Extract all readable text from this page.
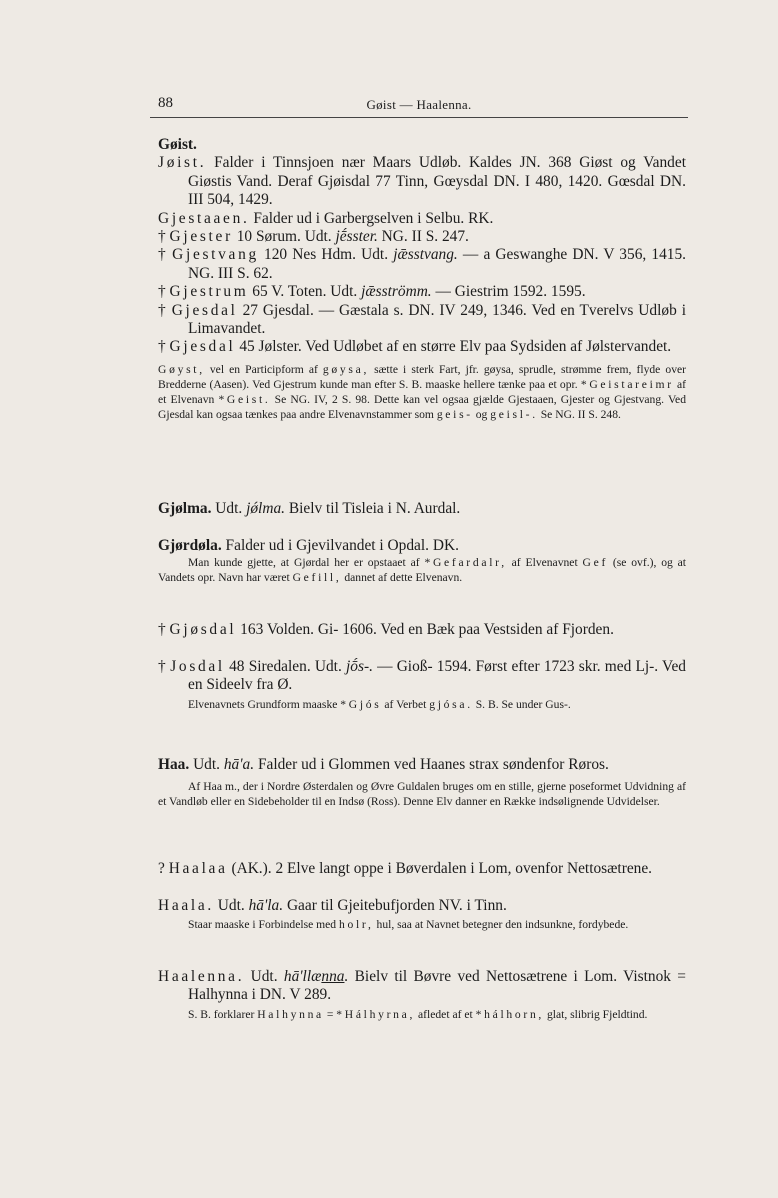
88	Gøist — Haalenna.

Gøist.

Jøist. Falder i Tinnsjoen nær Maars Udløb. Kaldes JN. 368 Giøst og Vandet Giøstis Vand. Deraf Gjøisdal 77 Tinn, Gœysdal DN. I 480, 1420. Gœsdal DN. III 504, 1429.

Gjestaaen. Falder ud i Garbergselven i Selbu. RK.

† Gjester 10 Sørum. Udt. jḗsster. NG. II S. 247.

† Gjestvang 120 Nes Hdm. Udt. jǣsstvang. — a Geswanghe DN. V 356, 1415. NG. III S. 62.

† Gjestrum 65 V. Toten. Udt. jǣsströmm. — Giestrim 1592. 1595.

† Gjesdal 27 Gjesdal. — Gæstala s. DN. IV 249, 1346. Ved en Tverelvs Udløb i Limavandet.

† Gjesdal 45 Jølster. Ved Udløbet af en større Elv paa Sydsiden af Jølstervandet.

Gøyst, vel en Participform af gøysa, sætte i sterk Fart, jfr. gøysa, sprudle, strømme frem, flyde over Bredderne (Aasen). Ved Gjestrum kunde man efter S. B. maaske hellere tænke paa et opr. *Geistareimr af et Elvenavn *Geist. Se NG. IV, 2 S. 98. Dette kan vel ogsaa gjælde Gjestaaen, Gjester og Gjestvang. Ved Gjesdal kan ogsaa tænkes paa andre Elvenavnstammer som geis- og geisl-. Se NG. II S. 248.

Gjølma. Udt. jǿlma. Bielv til Tisleia i N. Aurdal.

Gjørdøla. Falder ud i Gjevilvandet i Opdal. DK.

Man kunde gjette, at Gjørdal her er opstaaet af *Gefardalr, af Elvenavnet Gef (se ovf.), og at Vandets opr. Navn har været Gefill, dannet af dette Elvenavn.

† Gjøsdal 163 Volden. Gi- 1606. Ved en Bæk paa Vestsiden af Fjorden.

† Josdal 48 Siredalen. Udt. jṓs-. — Gioß- 1594. Først efter 1723 skr. med Lj-. Ved en Sideelv fra Ø.

Elvenavnets Grundform maaske *Gjós af Verbet gjósa. S. B. Se under Gus-.

Haa. Udt. hā'a. Falder ud i Glommen ved Haanes strax søndenfor Røros.

Af Haa m., der i Nordre Østerdalen og Øvre Guldalen bruges om en stille, gjerne poseformet Udvidning af et Vandløb eller en Sidebeholder til en Indsø (Ross). Denne Elv danner en Række indsølignende Udvidelser.

? Haalaa (AK.). 2 Elve langt oppe i Bøverdalen i Lom, ovenfor Nettosætrene.

Haala. Udt. hā'la. Gaar til Gjeitebufjorden NV. i Tinn.

Staar maaske i Forbindelse med holr, hul, saa at Navnet betegner den indsunkne, fordybede.

Haalenna. Udt. hā'llænna. Bielv til Bøvre ved Nettosætrene i Lom. Vistnok = Halhynna i DN. V 289.

S. B. forklarer Halhynna = *Hálhyrna, afledet af et *hálhorn, glat, slibrig Fjeldtind.
